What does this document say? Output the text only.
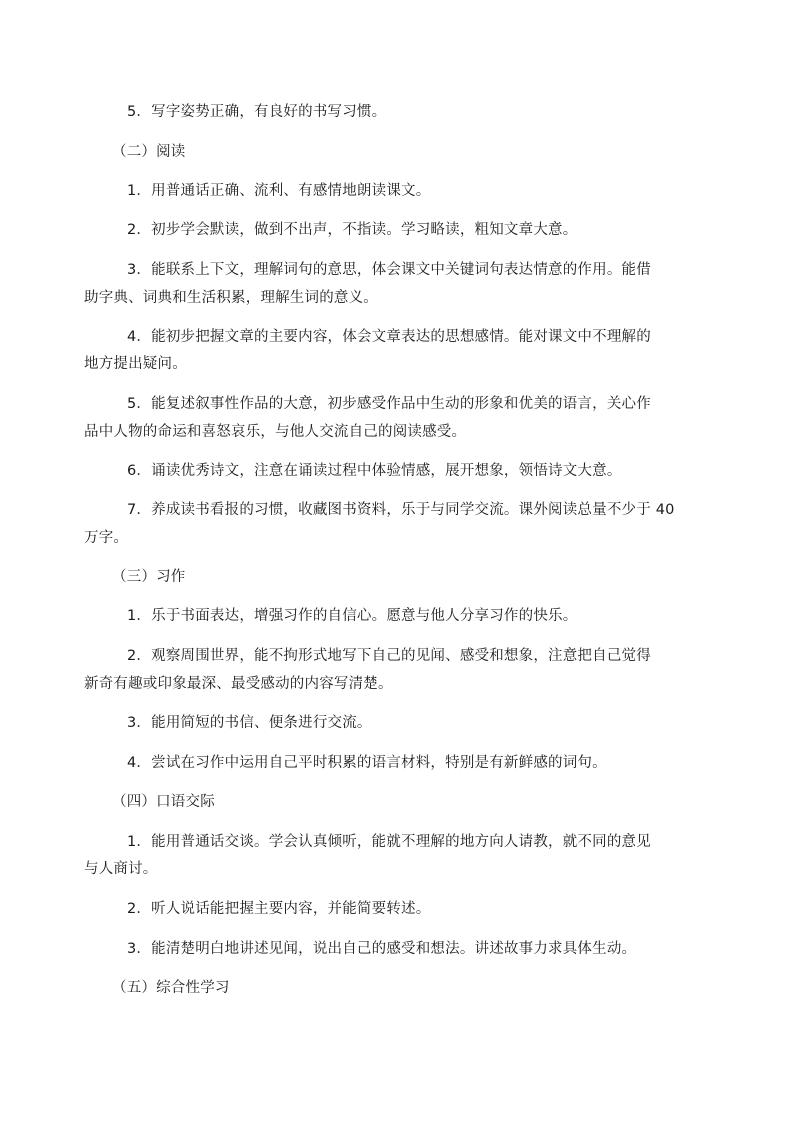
5．写字姿势正确，有良好的书写习惯。
（二）阅读
1．用普通话正确、流利、有感情地朗读课文。
2．初步学会默读，做到不出声，不指读。学习略读，粗知文章大意。
3．能联系上下文，理解词句的意思，体会课文中关键词句表达情意的作用。能借
助字典、词典和生活积累，理解生词的意义。
4．能初步把握文章的主要内容，体会文章表达的思想感情。能对课文中不理解的
地方提出疑问。
5．能复述叙事性作品的大意，初步感受作品中生动的形象和优美的语言，关心作
品中人物的命运和喜怒哀乐，与他人交流自己的阅读感受。
6．诵读优秀诗文，注意在诵读过程中体验情感，展开想象，领悟诗文大意。
7．养成读书看报的习惯，收藏图书资料，乐于与同学交流。课外阅读总量不少于 40
万字。
（三）习作
1．乐于书面表达，增强习作的自信心。愿意与他人分享习作的快乐。
2．观察周围世界，能不拘形式地写下自己的见闻、感受和想象，注意把自己觉得
新奇有趣或印象最深、最受感动的内容写清楚。
3．能用简短的书信、便条进行交流。
4．尝试在习作中运用自己平时积累的语言材料，特别是有新鲜感的词句。
（四）口语交际
1．能用普通话交谈。学会认真倾听，能就不理解的地方向人请教，就不同的意见
与人商讨。
2．听人说话能把握主要内容，并能简要转述。
3．能清楚明白地讲述见闻，说出自己的感受和想法。讲述故事力求具体生动。
（五）综合性学习
